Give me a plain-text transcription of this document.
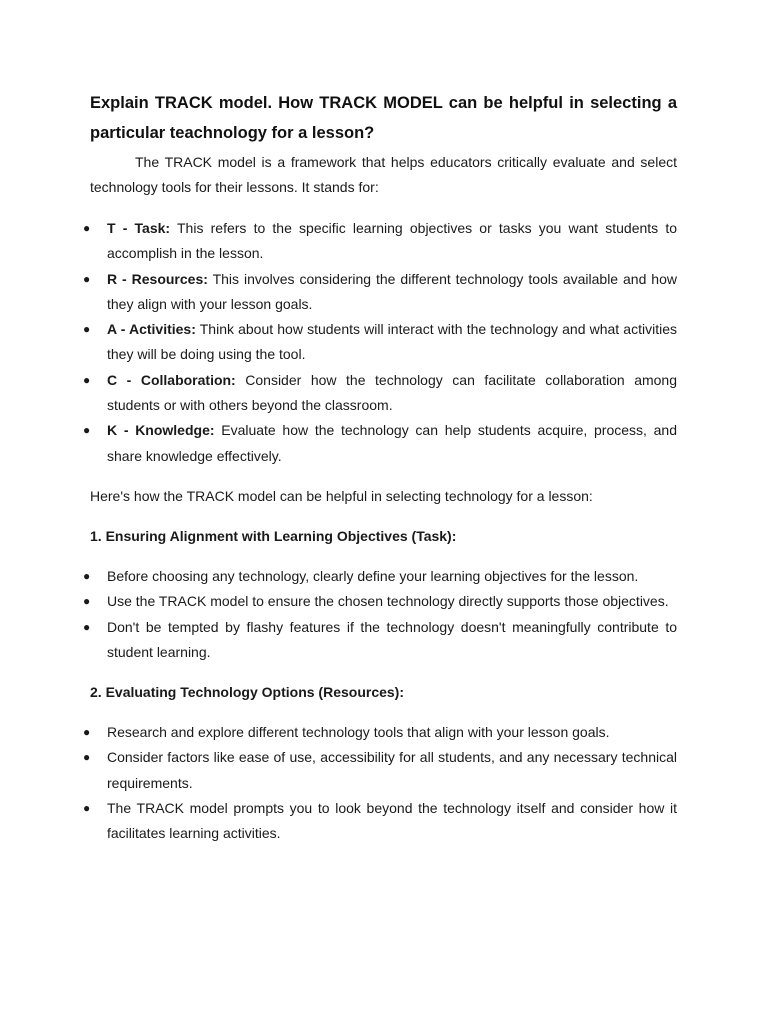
Explain TRACK model. How TRACK MODEL can be helpful in selecting a particular teachnology for a lesson?

The TRACK model is a framework that helps educators critically evaluate and select technology tools for their lessons. It stands for:

● T - Task: This refers to the specific learning objectives or tasks you want students to accomplish in the lesson.
● R - Resources: This involves considering the different technology tools available and how they align with your lesson goals.
● A - Activities: Think about how students will interact with the technology and what activities they will be doing using the tool.
● C - Collaboration: Consider how the technology can facilitate collaboration among students or with others beyond the classroom.
● K - Knowledge: Evaluate how the technology can help students acquire, process, and share knowledge effectively.

Here's how the TRACK model can be helpful in selecting technology for a lesson:

1. Ensuring Alignment with Learning Objectives (Task):
● Before choosing any technology, clearly define your learning objectives for the lesson.
● Use the TRACK model to ensure the chosen technology directly supports those objectives.
● Don't be tempted by flashy features if the technology doesn't meaningfully contribute to student learning.
2. Evaluating Technology Options (Resources):
● Research and explore different technology tools that align with your lesson goals.
● Consider factors like ease of use, accessibility for all students, and any necessary technical requirements.
● The TRACK model prompts you to look beyond the technology itself and consider how it facilitates learning activities.
